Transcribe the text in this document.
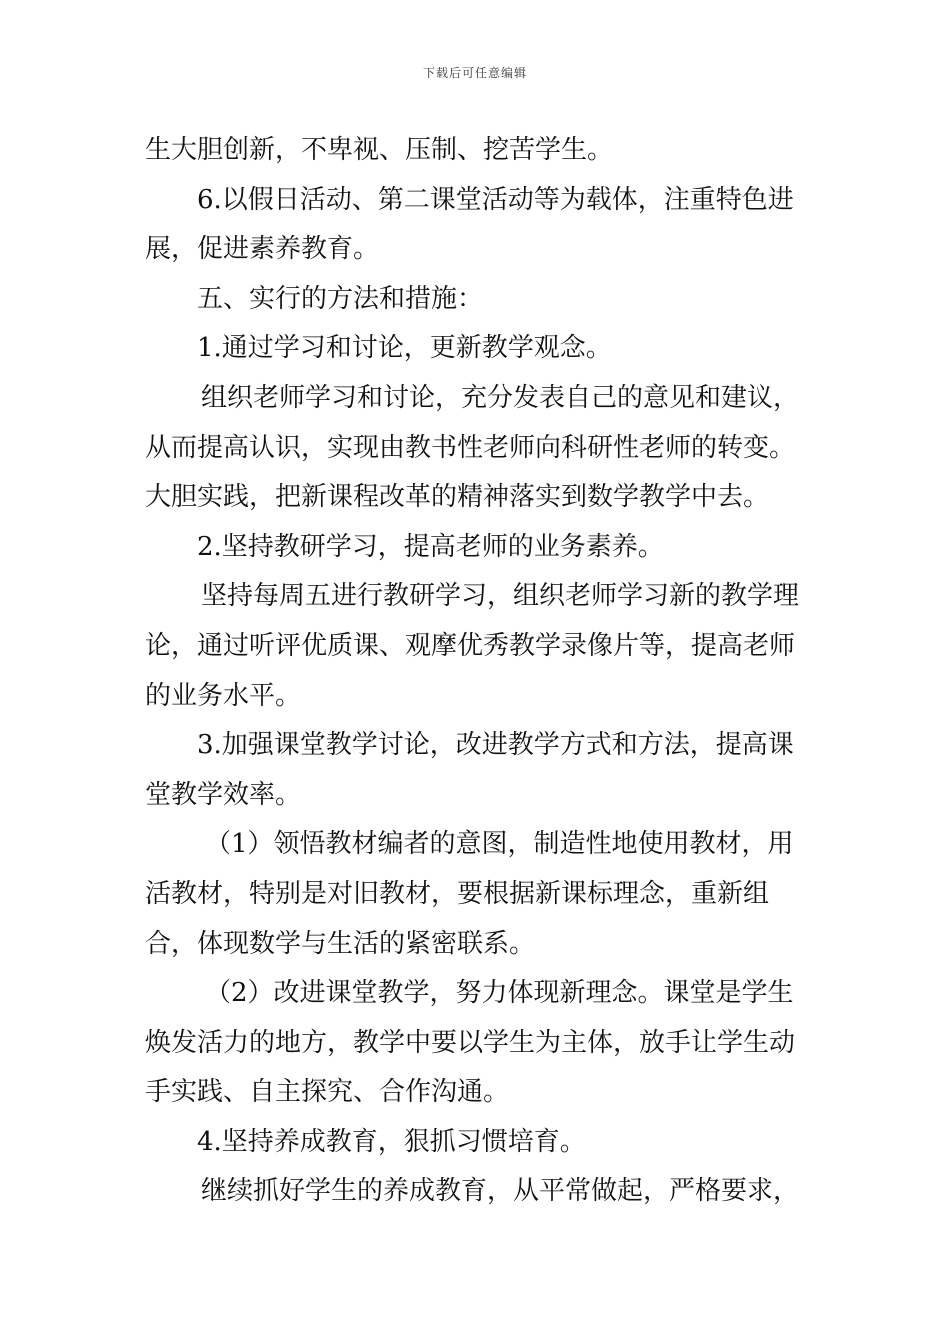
下载后可任意编辑

生大胆创新，不卑视、压制、挖苦学生。

6.以假日活动、第二课堂活动等为载体，注重特色进展，促进素养教育。

五、实行的方法和措施：

1.通过学习和讨论，更新教学观念。

组织老师学习和讨论，充分发表自己的意见和建议，从而提高认识，实现由教书性老师向科研性老师的转变。大胆实践，把新课程改革的精神落实到数学教学中去。

2.坚持教研学习，提高老师的业务素养。

坚持每周五进行教研学习，组织老师学习新的教学理论，通过听评优质课、观摩优秀教学录像片等，提高老师的业务水平。

3.加强课堂教学讨论，改进教学方式和方法，提高课堂教学效率。

（1）领悟教材编者的意图，制造性地使用教材，用活教材，特别是对旧教材，要根据新课标理念，重新组合，体现数学与生活的紧密联系。

（2）改进课堂教学，努力体现新理念。课堂是学生焕发活力的地方，教学中要以学生为主体，放手让学生动手实践、自主探究、合作沟通。

4.坚持养成教育，狠抓习惯培育。

继续抓好学生的养成教育，从平常做起，严格要求，
